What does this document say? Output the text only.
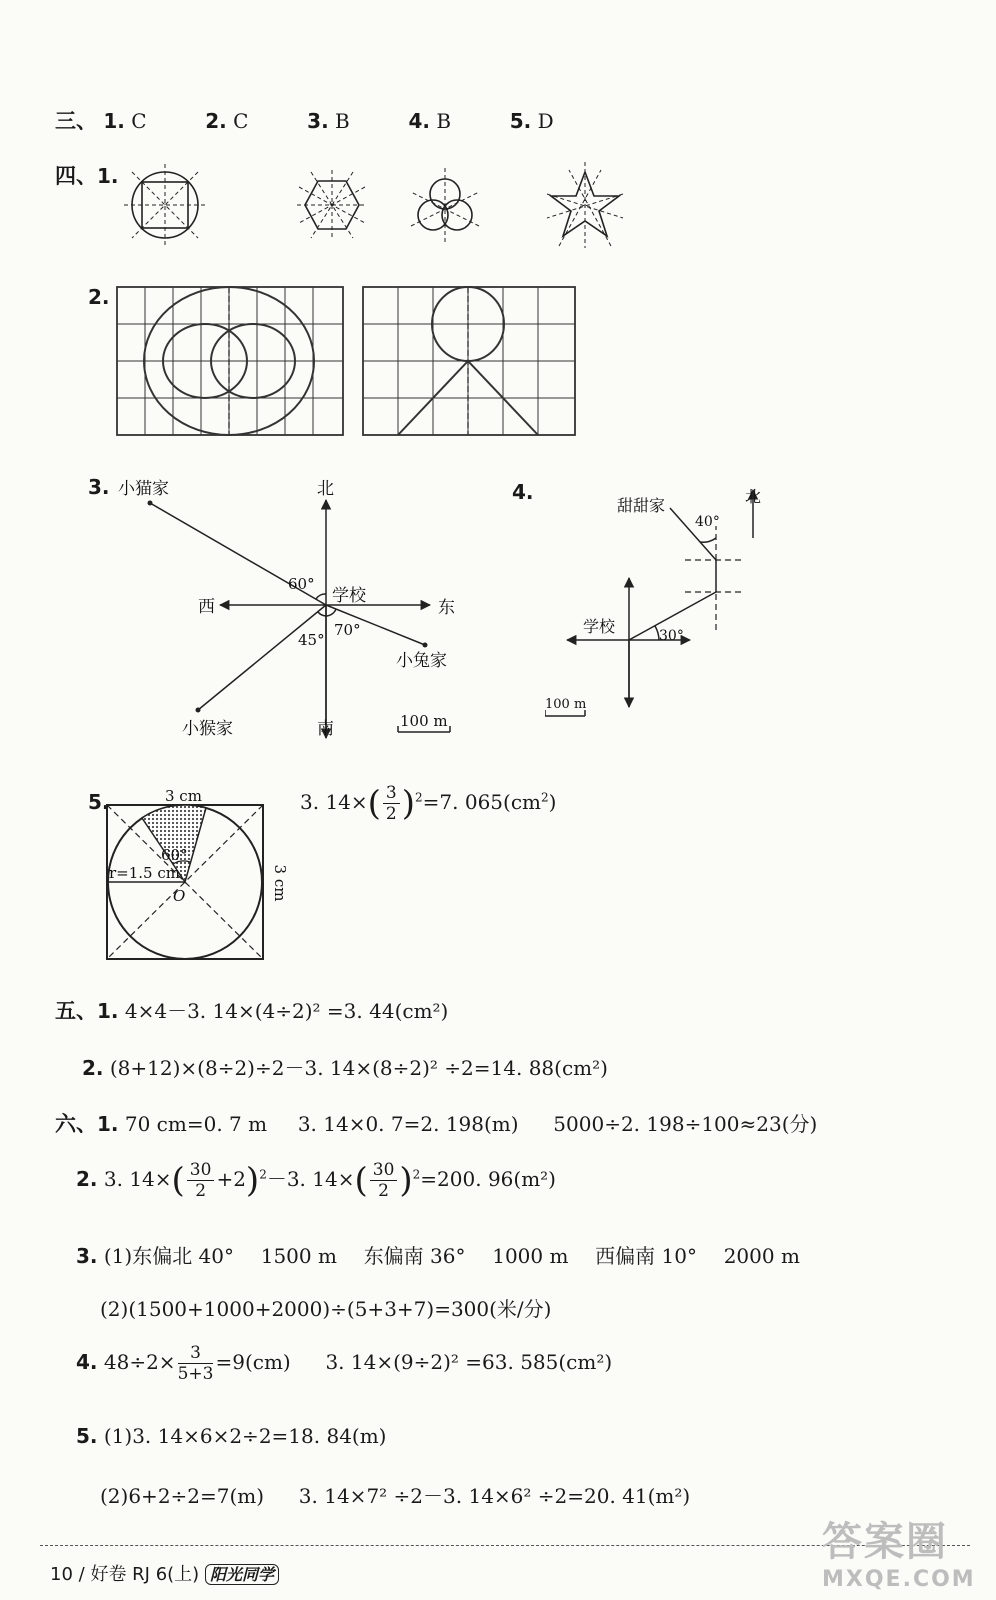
三、 1. C	2. C	3. B	4. B	5. D
四、1.
2.
3. 小猫家	北
学校
西	东
小兔家
小猴家	南	100 m
60°
45°
70°
4.
甜甜家
40°
北
学校	30°
100 m
5.	3 cm
60°
r=1.5 cm
O	3 cm
3. $14\times( \frac{3}{2} )^2=7$. $065(cm^2)$
五、1. 4×4－3. 14×(4÷2)² =3. 44(cm²)
2. (8+12)×(8÷2)÷2－3. 14×(8÷2)² ÷2=14. 88(cm²)
六、1. 70 cm=0. 7 m 3. 14×0. 7=2. 198(m) 5000÷2. 198÷100≈23(分)
2. 3. $14\times( \frac{30}{2} +2)^2-3$. $14\times( \frac{30}{2} )^2=200$. 96(m²)
3. (1)东偏北 40° 1500 m 东偏南 36° 1000 m 西偏南 10° 2000 m
(2)(1500+1000+2000)÷(5+3+7)=300(米/分)
4. $48\div 2\times \frac{3}{5+3} =9(cm)$ 3. 14×(9÷2)² =63. 585(cm²)
5. (1)3. 14×6×2÷2=18. 84(m)
(2)6+2÷2=7(m) 3. 14×7² ÷2－3. 14×6² ÷2=20. 41(m²)
10 / 好卷 RJ 6(上) 阳光同学
答案圈
MXQE.COM
